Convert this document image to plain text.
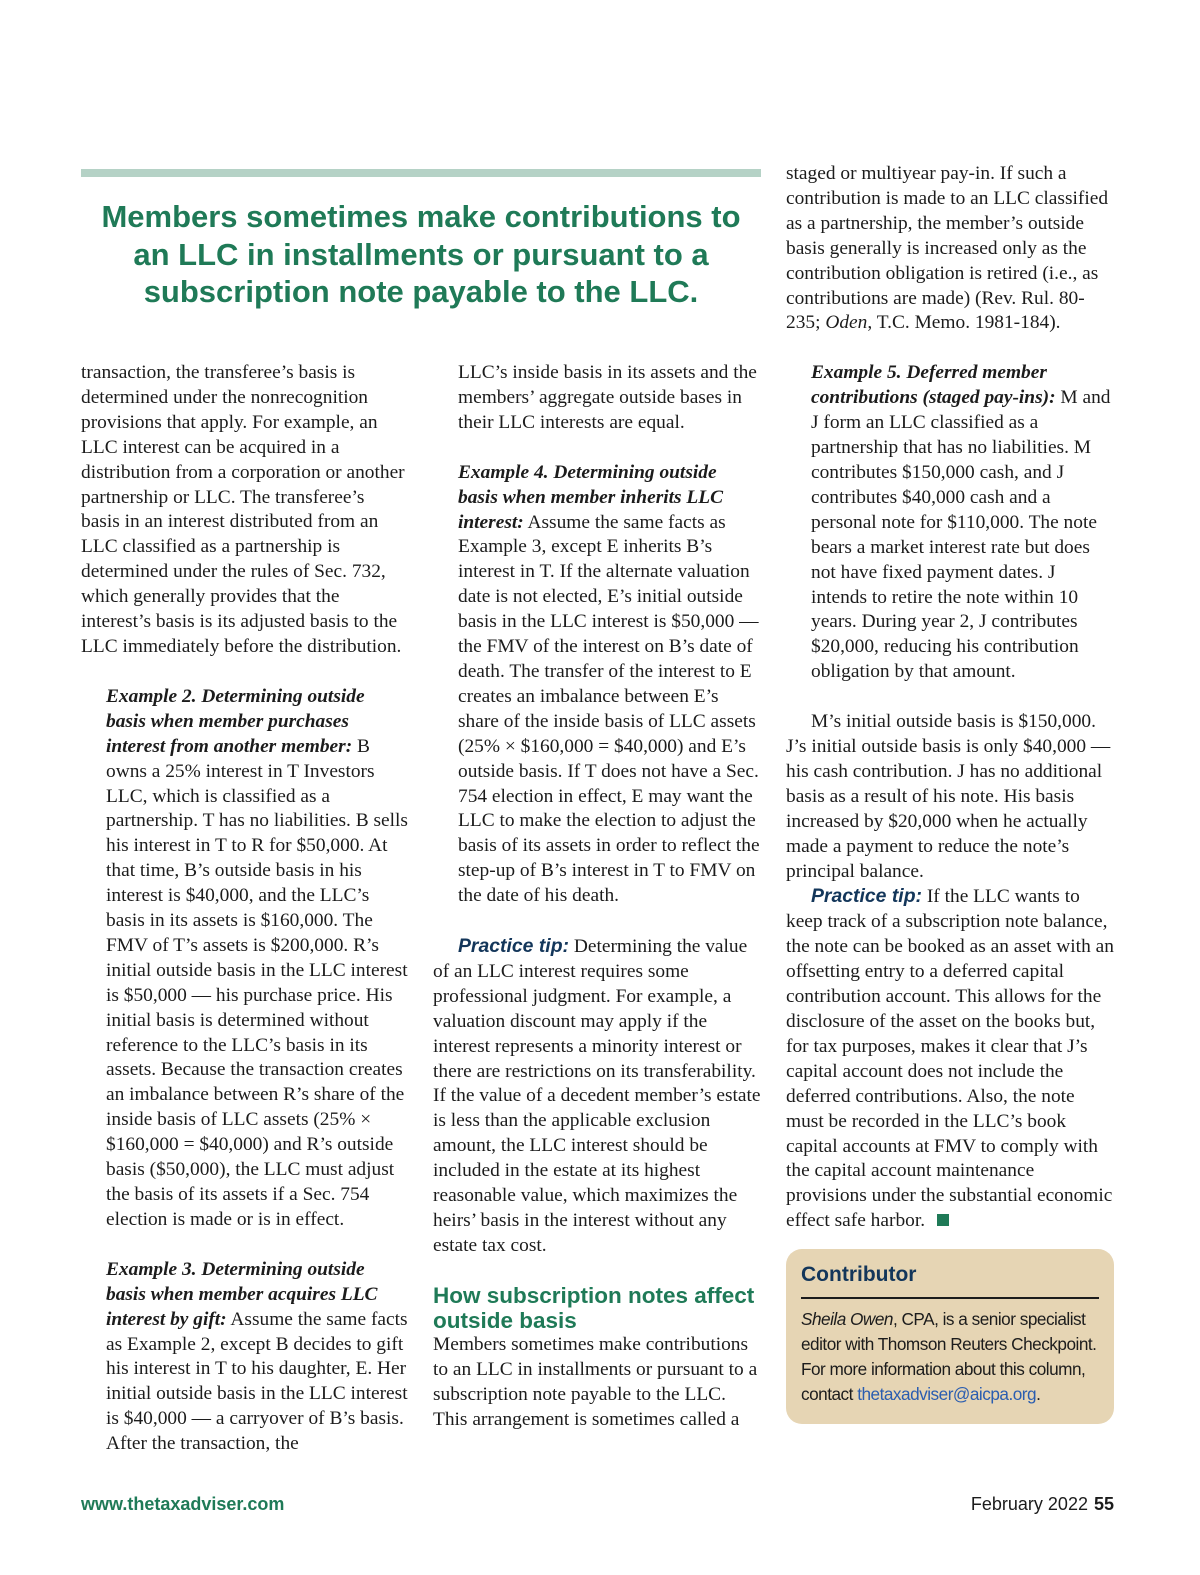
Members sometimes make contributions to an LLC in installments or pursuant to a subscription note payable to the LLC.

transaction, the transferee’s basis is determined under the nonrecognition provisions that apply. For example, an LLC interest can be acquired in a distribution from a corporation or another partnership or LLC. The transferee’s basis in an interest distributed from an LLC classified as a partnership is determined under the rules of Sec. 732, which generally provides that the interest’s basis is its adjusted basis to the LLC immediately before the distribution.

Example 2. Determining outside basis when member purchases interest from another member: B owns a 25% interest in T Investors LLC, which is classified as a partnership. T has no liabilities. B sells his interest in T to R for $50,000. At that time, B’s outside basis in his interest is $40,000, and the LLC’s basis in its assets is $160,000. The FMV of T’s assets is $200,000. R’s initial outside basis in the LLC interest is $50,000 — his purchase price. His initial basis is determined without reference to the LLC’s basis in its assets. Because the transaction creates an imbalance between R’s share of the inside basis of LLC assets (25% × $160,000 = $40,000) and R’s outside basis ($50,000), the LLC must adjust the basis of its assets if a Sec. 754 election is made or is in effect.

Example 3. Determining outside basis when member acquires LLC interest by gift: Assume the same facts as Example 2, except B decides to gift his interest in T to his daughter, E. Her initial outside basis in the LLC interest is $40,000 — a carryover of B’s basis. After the transaction, the

LLC’s inside basis in its assets and the members’ aggregate outside bases in their LLC interests are equal.

Example 4. Determining outside basis when member inherits LLC interest: Assume the same facts as Example 3, except E inherits B’s interest in T. If the alternate valuation date is not elected, E’s initial outside basis in the LLC interest is $50,000 — the FMV of the interest on B’s date of death. The transfer of the interest to E creates an imbalance between E’s share of the inside basis of LLC assets (25% × $160,000 = $40,000) and E’s outside basis. If T does not have a Sec. 754 election in effect, E may want the LLC to make the election to adjust the basis of its assets in order to reflect the step-up of B’s interest in T to FMV on the date of his death.

Practice tip: Determining the value of an LLC interest requires some professional judgment. For example, a valuation discount may apply if the interest represents a minority interest or there are restrictions on its transferability. If the value of a decedent member’s estate is less than the applicable exclusion amount, the LLC interest should be included in the estate at its highest reasonable value, which maximizes the heirs’ basis in the interest without any estate tax cost.

How subscription notes affect outside basis

Members sometimes make contributions to an LLC in installments or pursuant to a subscription note payable to the LLC. This arrangement is sometimes called a

staged or multiyear pay-in. If such a contribution is made to an LLC classified as a partnership, the member’s outside basis generally is increased only as the contribution obligation is retired (i.e., as contributions are made) (Rev. Rul. 80-235; Oden, T.C. Memo. 1981-184).

Example 5. Deferred member contributions (staged pay-ins): M and J form an LLC classified as a partnership that has no liabilities. M contributes $150,000 cash, and J contributes $40,000 cash and a personal note for $110,000. The note bears a market interest rate but does not have fixed payment dates. J intends to retire the note within 10 years. During year 2, J contributes $20,000, reducing his contribution obligation by that amount.

M’s initial outside basis is $150,000. J’s initial outside basis is only $40,000 — his cash contribution. J has no additional basis as a result of his note. His basis increased by $20,000 when he actually made a payment to reduce the note’s principal balance.

Practice tip: If the LLC wants to keep track of a subscription note balance, the note can be booked as an asset with an offsetting entry to a deferred capital contribution account. This allows for the disclosure of the asset on the books but, for tax purposes, makes it clear that J’s capital account does not include the deferred contributions. Also, the note must be recorded in the LLC’s book capital accounts at FMV to comply with the capital account maintenance provisions under the substantial economic effect safe harbor.

Contributor
Sheila Owen, CPA, is a senior specialist editor with Thomson Reuters Checkpoint. For more information about this column, contact thetaxadviser@aicpa.org.
www.thetaxadviser.com	February 2022 55
